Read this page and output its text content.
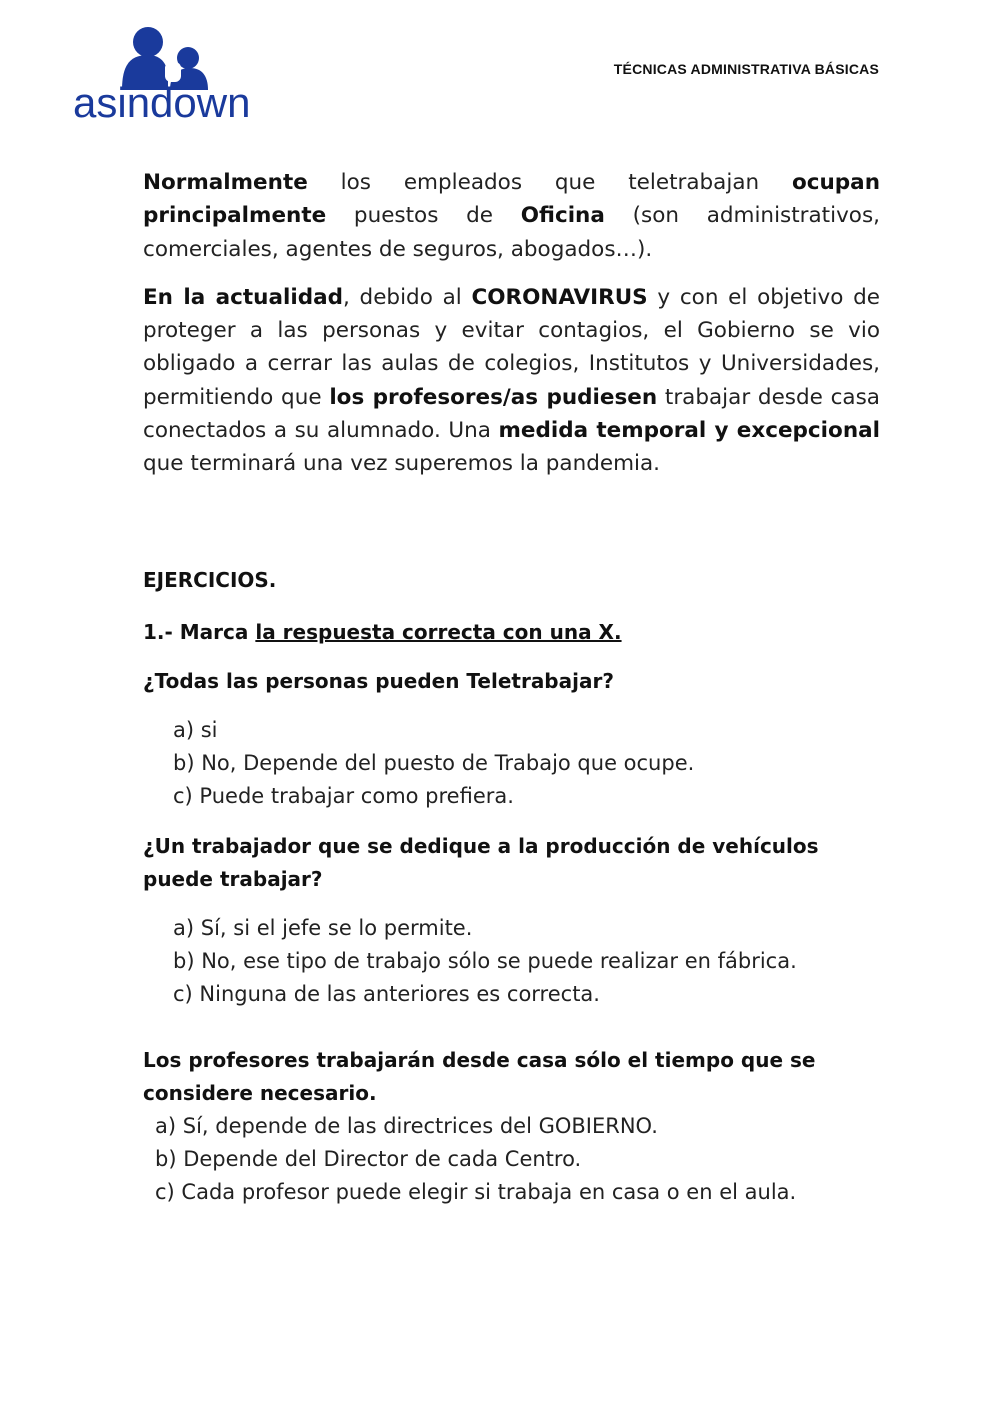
asindown
TÉCNICAS ADMINISTRATIVA BÁSICAS

Normalmente los empleados que teletrabajan ocupan principalmente puestos de Oficina (son administrativos, comerciales, agentes de seguros, abogados…).

En la actualidad, debido al CORONAVIRUS y con el objetivo de proteger a las personas y evitar contagios, el Gobierno se vio obligado a cerrar las aulas de colegios, Institutos y Universidades, permitiendo que los profesores/as pudiesen trabajar desde casa conectados a su alumnado. Una medida temporal y excepcional que terminará una vez superemos la pandemia.

EJERCICIOS.

1.- Marca la respuesta correcta con una X.

¿Todas las personas pueden Teletrabajar?

a) si
b) No, Depende del puesto de Trabajo que ocupe.
c) Puede trabajar como prefiera.

¿Un trabajador que se dedique a la producción de vehículos puede trabajar?

a) Sí, si el jefe se lo permite.
b) No, ese tipo de trabajo sólo se puede realizar en fábrica.
c) Ninguna de las anteriores es correcta.

Los profesores trabajarán desde casa sólo el tiempo que se considere necesario.

a) Sí, depende de las directrices del GOBIERNO.
b) Depende del Director de cada Centro.
c) Cada profesor puede elegir si trabaja en casa o en el aula.
